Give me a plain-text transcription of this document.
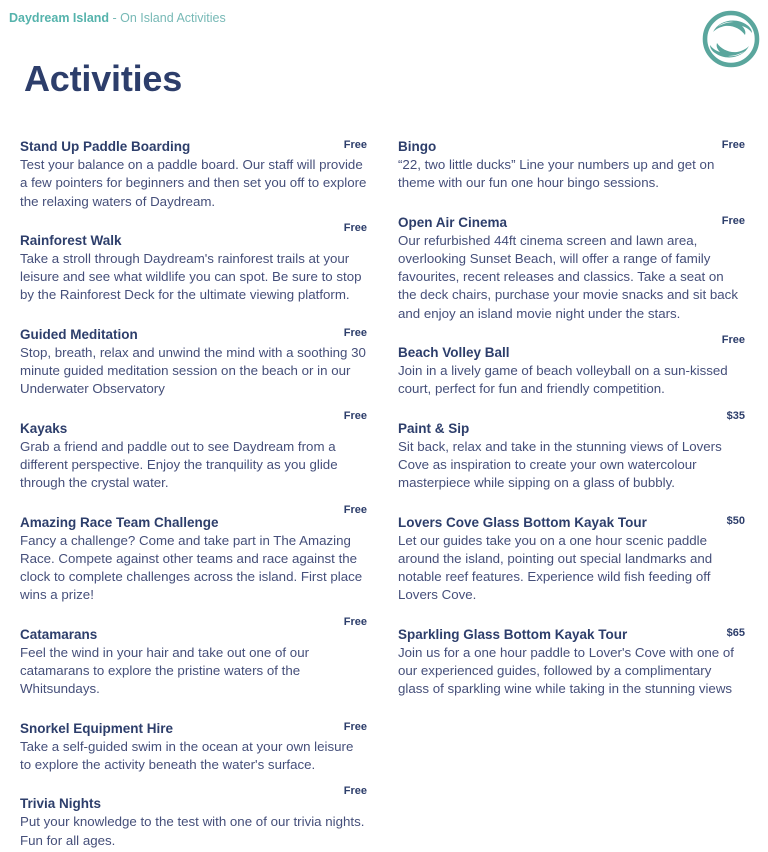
Daydream Island - On Island Activities
Activities
Stand Up Paddle Boarding	Free

Test your balance on a paddle board. Our staff will provide a few pointers for beginners and then set you off to explore the relaxing waters of Daydream.

Rainforest Walk
Free

Take a stroll through Daydream's rainforest trails at your leisure and see what wildlife you can spot. Be sure to stop by the Rainforest Deck for the ultimate viewing platform.

Guided Meditation	Free

Stop, breath, relax and unwind the mind with a soothing 30 minute guided meditation session on the beach or in our Underwater Observatory

Kayaks
Free

Grab a friend and paddle out to see Daydream from a different perspective. Enjoy the tranquility as you glide through the crystal water.

Amazing Race Team Challenge
Free

Fancy a challenge? Come and take part in The Amazing Race. Compete against other teams and race against the clock to complete challenges across the island. First place wins a prize!

Catamarans
Free

Feel the wind in your hair and take out one of our catamarans to explore the pristine waters of the Whitsundays.

Snorkel Equipment Hire	Free

Take a self-guided swim in the ocean at your own leisure to explore the activity beneath the water's surface.

Trivia Nights
Free

Put your knowledge to the test with one of our trivia nights. Fun for all ages.

Bingo	Free

“22, two little ducks” Line your numbers up and get on theme with our fun one hour bingo sessions.

Open Air Cinema	Free

Our refurbished 44ft cinema screen and lawn area, overlooking Sunset Beach, will offer a range of family favourites, recent releases and classics. Take a seat on the deck chairs, purchase your movie snacks and sit back and enjoy an island movie night under the stars.

Beach Volley Ball
Free

Join in a lively game of beach volleyball on a sun-kissed court, perfect for fun and friendly competition.

Paint & Sip
$35

Sit back, relax and take in the stunning views of Lovers Cove as inspiration to create your own watercolour masterpiece while sipping on a glass of bubbly.

Lovers Cove Glass Bottom Kayak Tour	$50

Let our guides take you on a one hour scenic paddle around the island, pointing out special landmarks and notable reef features. Experience wild fish feeding off Lovers Cove.

Sparkling Glass Bottom Kayak Tour	$65

Join us for a one hour paddle to Lover's Cove with one of our experienced guides, followed by a complimentary glass of sparkling wine while taking in the stunning views
